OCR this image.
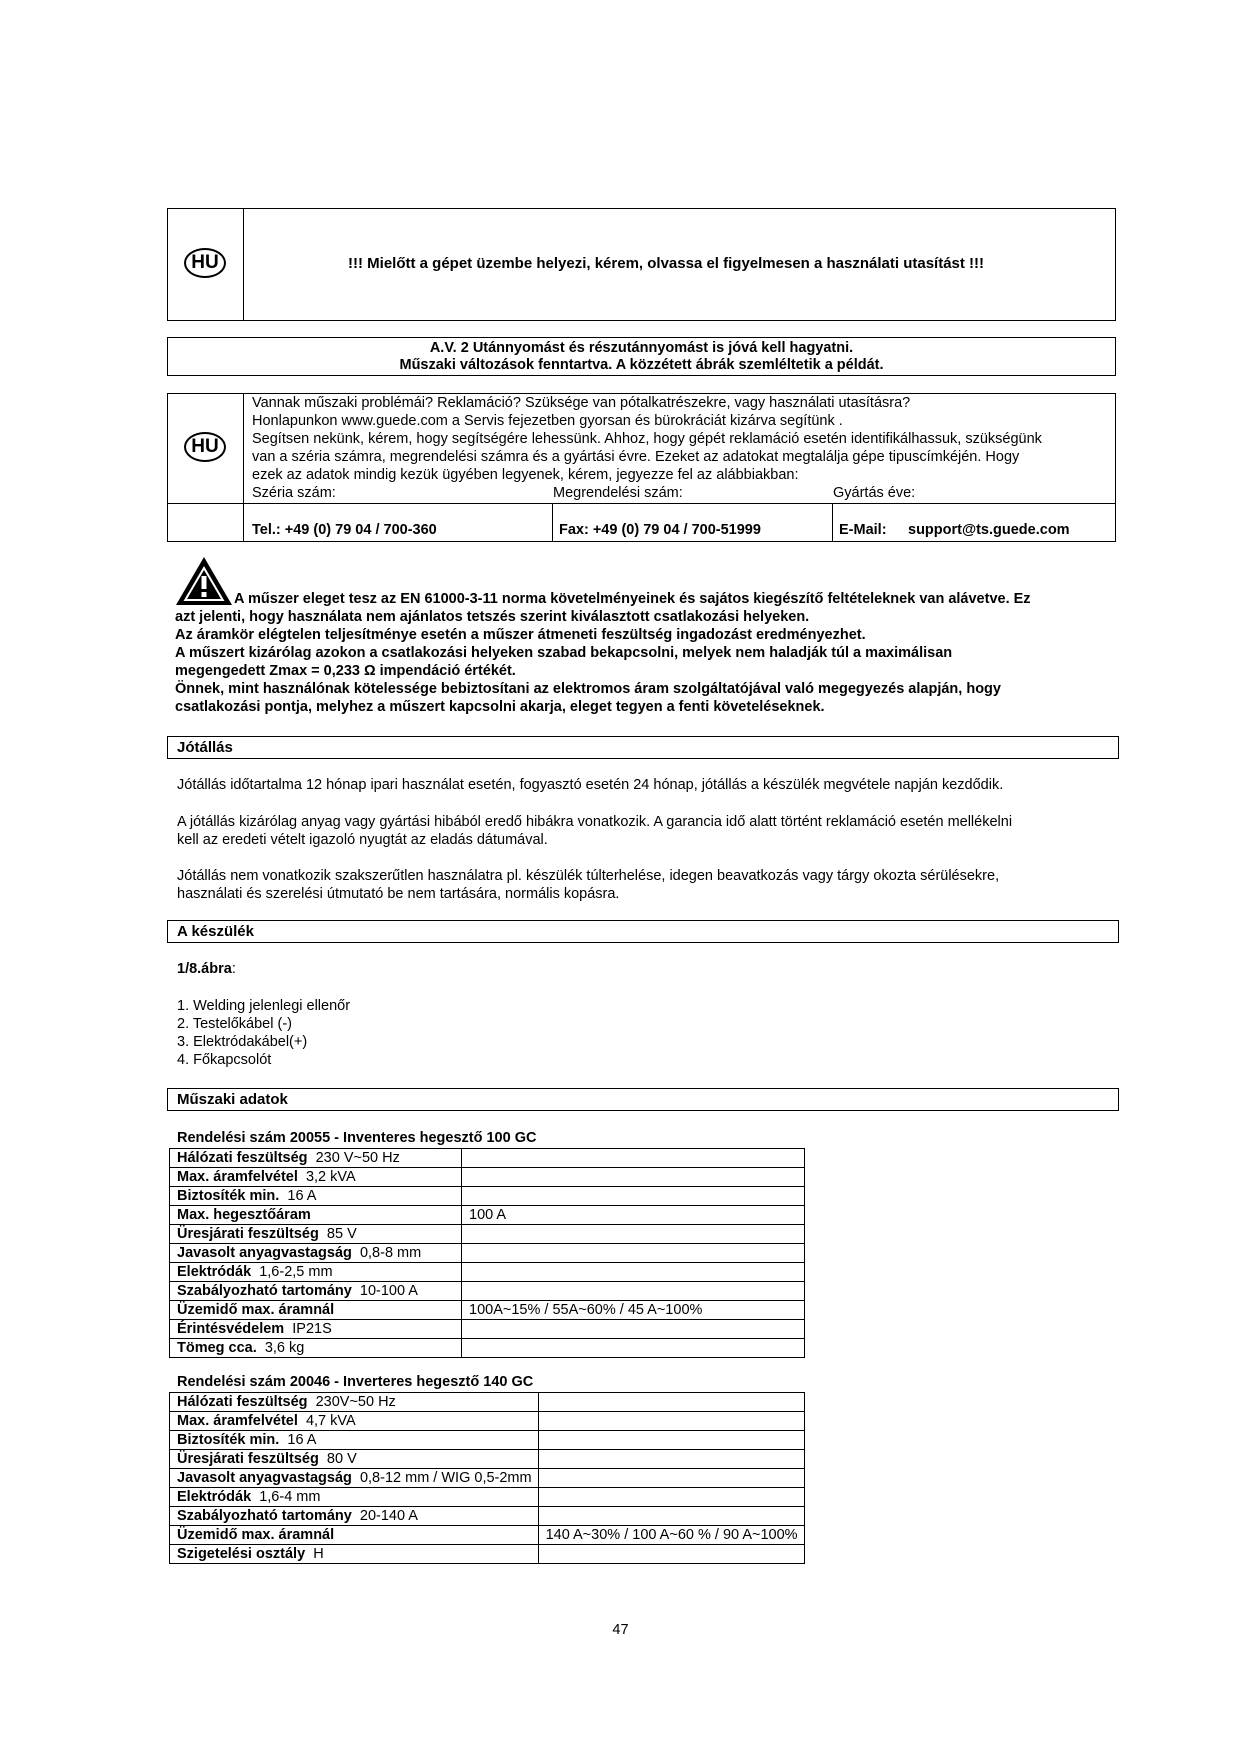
HU	!!! Mielőtt a gépet üzembe helyezi, kérem, olvassa el figyelmesen a használati utasítást !!!
A.V. 2 Utánnyomást és részutánnyomást is jóvá kell hagyatni.
Műszaki változások fenntartva. A közzétett ábrák szemléltetik a példát.
HU
Vannak műszaki problémái? Reklamáció? Szüksége van pótalkatrészekre, vagy használati utasításra?
Honlapunkon www.guede.com a Servis fejezetben gyorsan és bürokráciát kizárva segítünk .
Segítsen nekünk, kérem, hogy segítségére lehessünk. Ahhoz, hogy gépét reklamáció esetén identifikálhassuk, szükségünk
van a széria számra, megrendelési számra és a gyártási évre. Ezeket az adatokat megtalálja gépe tipuscímkéjén. Hogy
ezek az adatok mindig kezük ügyében legyenek, kérem, jegyezze fel az alábbiakban:
Széria szám:	Megrendelési szám:	Gyártás éve:
Tel.: +49 (0) 79 04 / 700-360	Fax: +49 (0) 79 04 / 700-51999	E-Mail: support@ts.guede.com
A műszer eleget tesz az EN 61000-3-11 norma követelményeinek és sajátos kiegészítő feltételeknek van alávetve. Ez
azt jelenti, hogy használata nem ajánlatos tetszés szerint kiválasztott csatlakozási helyeken.
Az áramkör elégtelen teljesítménye esetén a műszer átmeneti feszültség ingadozást eredményezhet.
A műszert kizárólag azokon a csatlakozási helyeken szabad bekapcsolni, melyek nem haladják túl a maximálisan
megengedett Zmax = 0,233 Ω impendáció értékét.
Önnek, mint használónak kötelessége bebiztosítani az elektromos áram szolgáltatójával való megegyezés alapján, hogy
csatlakozási pontja, melyhez a műszert kapcsolni akarja, eleget tegyen a fenti követeléseknek.
Jótállás
Jótállás időtartalma 12 hónap ipari használat esetén, fogyasztó esetén 24 hónap, jótállás a készülék megvétele napján kezdődik.
A jótállás kizárólag anyag vagy gyártási hibából eredő hibákra vonatkozik. A garancia idő alatt történt reklamáció esetén mellékelni
kell az eredeti vételt igazoló nyugtát az eladás dátumával.
Jótállás nem vonatkozik szakszerűtlen használatra pl. készülék túlterhelése, idegen beavatkozás vagy tárgy okozta sérülésekre,
használati és szerelési útmutató be nem tartására, normális kopásra.
A készülék
1/8.ábra:
1. Welding jelenlegi ellenőr
2. Testelőkábel (-)
3. Elektródakábel(+)
4. Főkapcsolót
Műszaki adatok
Rendelési szám 20055 - Inventeres hegesztő 100 GC
Hálózati feszültség 230 V~50 Hz	
Max. áramfelvétel 3,2 kVA	
Biztosíték min. 16 A	
Max. hegesztőáram	100 A
Üresjárati feszültség 85 V	
Javasolt anyagvastagság 0,8-8 mm	
Elektródák 1,6-2,5 mm	
Szabályozható tartomány 10-100 A	
Üzemidő max. áramnál	100A~15% / 55A~60% / 45 A~100%
Érintésvédelem IP21S	
Tömeg cca. 3,6 kg	
Rendelési szám 20046 - Inverteres hegesztő 140 GC
Hálózati feszültség 230V~50 Hz	
Max. áramfelvétel 4,7 kVA	
Biztosíték min. 16 A	
Üresjárati feszültség 80 V	
Javasolt anyagvastagság 0,8-12 mm / WIG 0,5-2mm	
Elektródák 1,6-4 mm	
Szabályozható tartomány 20-140 A	
Üzemidő max. áramnál	140 A~30% / 100 A~60 % / 90 A~100%
Szigetelési osztály H	
47
